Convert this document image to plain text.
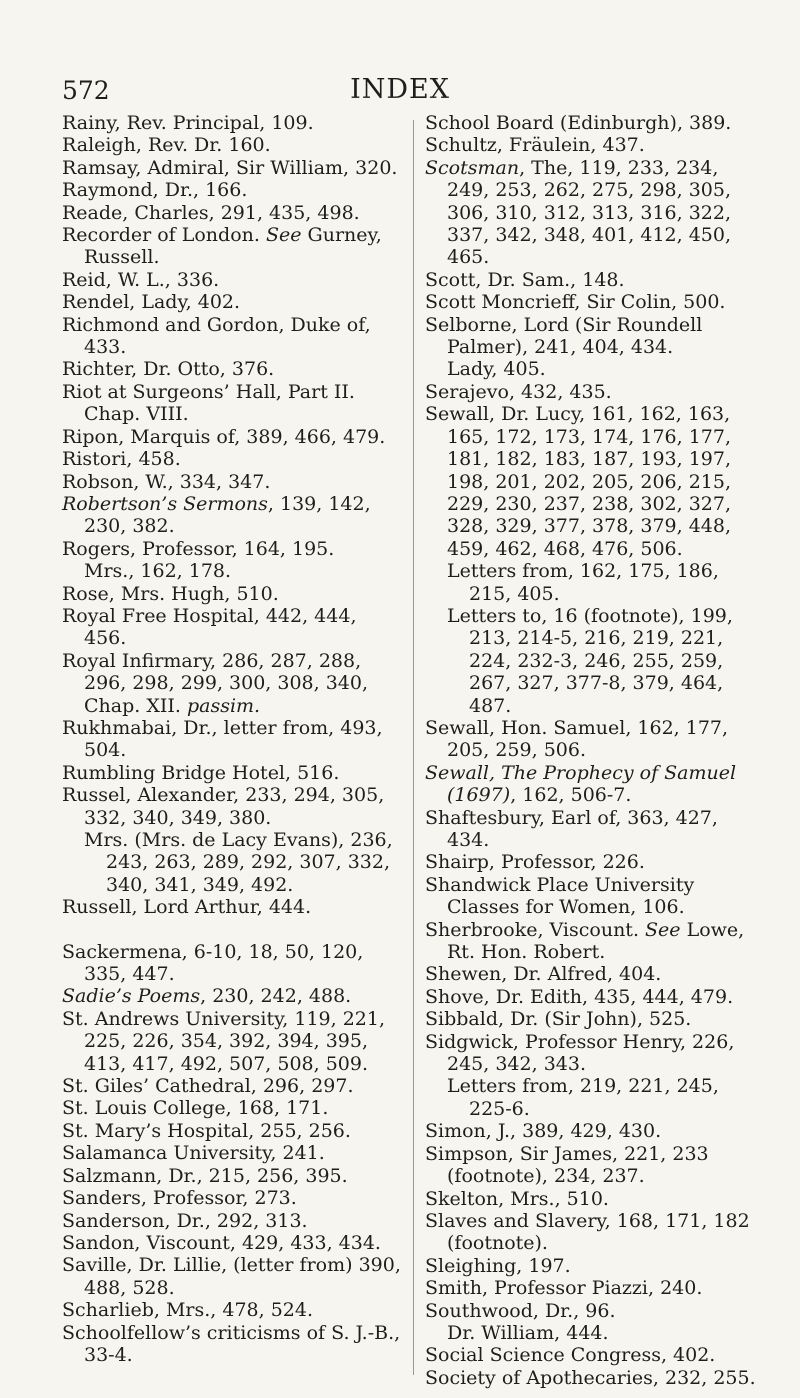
572	INDEX
Rainy, Rev. Principal, 109.
Raleigh, Rev. Dr. 160.
Ramsay, Admiral, Sir William, 320.
Raymond, Dr., 166.
Reade, Charles, 291, 435, 498.
Recorder of London. See Gurney, Russell.
Reid, W. L., 336.
Rendel, Lady, 402.
Richmond and Gordon, Duke of, 433.
Richter, Dr. Otto, 376.
Riot at Surgeons’ Hall, Part II. Chap. VIII.
Ripon, Marquis of, 389, 466, 479.
Ristori, 458.
Robson, W., 334, 347.
Robertson’s Sermons, 139, 142, 230, 382.
Rogers, Professor, 164, 195.
Mrs., 162, 178.
Rose, Mrs. Hugh, 510.
Royal Free Hospital, 442, 444, 456.
Royal Infirmary, 286, 287, 288, 296, 298, 299, 300, 308, 340, Chap. XII. passim.
Rukhmabai, Dr., letter from, 493, 504.
Rumbling Bridge Hotel, 516.
Russel, Alexander, 233, 294, 305, 332, 340, 349, 380.
Mrs. (Mrs. de Lacy Evans), 236, 243, 263, 289, 292, 307, 332, 340, 341, 349, 492.
Russell, Lord Arthur, 444.
Sackermena, 6-10, 18, 50, 120, 335, 447.
Sadie’s Poems, 230, 242, 488.
St. Andrews University, 119, 221, 225, 226, 354, 392, 394, 395, 413, 417, 492, 507, 508, 509.
St. Giles’ Cathedral, 296, 297.
St. Louis College, 168, 171.
St. Mary’s Hospital, 255, 256.
Salamanca University, 241.
Salzmann, Dr., 215, 256, 395.
Sanders, Professor, 273.
Sanderson, Dr., 292, 313.
Sandon, Viscount, 429, 433, 434.
Saville, Dr. Lillie, (letter from) 390, 488, 528.
Scharlieb, Mrs., 478, 524.
Schoolfellow’s criticisms of S. J.-B., 33-4.
School Board (Edinburgh), 389.
Schultz, Fräulein, 437.
Scotsman, The, 119, 233, 234, 249, 253, 262, 275, 298, 305, 306, 310, 312, 313, 316, 322, 337, 342, 348, 401, 412, 450, 465.
Scott, Dr. Sam., 148.
Scott Moncrieff, Sir Colin, 500.
Selborne, Lord (Sir Roundell Palmer), 241, 404, 434.
Lady, 405.
Serajevo, 432, 435.
Sewall, Dr. Lucy, 161, 162, 163, 165, 172, 173, 174, 176, 177, 181, 182, 183, 187, 193, 197, 198, 201, 202, 205, 206, 215, 229, 230, 237, 238, 302, 327, 328, 329, 377, 378, 379, 448, 459, 462, 468, 476, 506.
Letters from, 162, 175, 186, 215, 405.
Letters to, 16 (footnote), 199, 213, 214-5, 216, 219, 221, 224, 232-3, 246, 255, 259, 267, 327, 377-8, 379, 464, 487.
Sewall, Hon. Samuel, 162, 177, 205, 259, 506.
Sewall, The Prophecy of Samuel (1697), 162, 506-7.
Shaftesbury, Earl of, 363, 427, 434.
Shairp, Professor, 226.
Shandwick Place University Classes for Women, 106.
Sherbrooke, Viscount. See Lowe, Rt. Hon. Robert.
Shewen, Dr. Alfred, 404.
Shove, Dr. Edith, 435, 444, 479.
Sibbald, Dr. (Sir John), 525.
Sidgwick, Professor Henry, 226, 245, 342, 343.
Letters from, 219, 221, 245, 225-6.
Simon, J., 389, 429, 430.
Simpson, Sir James, 221, 233 (footnote), 234, 237.
Skelton, Mrs., 510.
Slaves and Slavery, 168, 171, 182 (footnote).
Sleighing, 197.
Smith, Professor Piazzi, 240.
Southwood, Dr., 96.
Dr. William, 444.
Social Science Congress, 402.
Society of Apothecaries, 232, 255.
